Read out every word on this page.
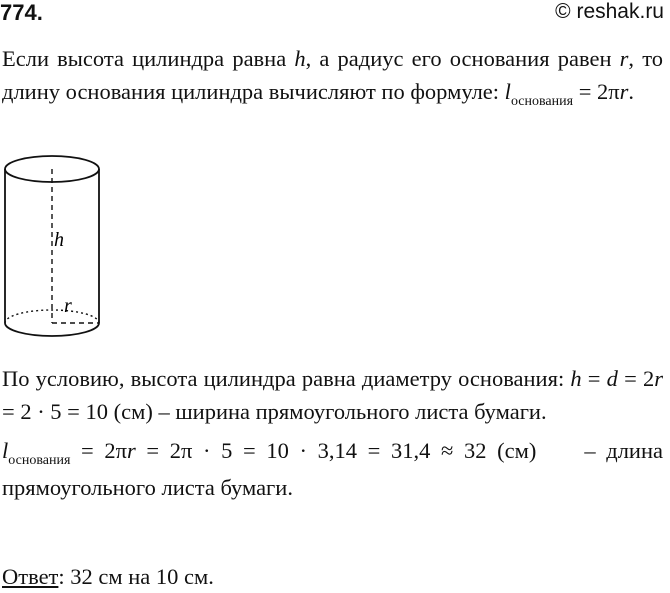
774.	© reshak.ru
Если высота цилиндра равна h, а радиус его основания равен r, то длину основания цилиндра вычисляют по формуле: $l_{основания} = 2\pi r$.
h
r
По условию, высота цилиндра равна диаметру основания: h = d = 2r = 2 · 5 = 10 (см) – ширина прямоугольного листа бумаги.
$l_{основания} = 2\pi r = 2\pi \cdot 5 = 10 \cdot 3,14 = 31,4 \approx 32$ (см) – длина прямоугольного листа бумаги.
Ответ: 32 см на 10 см.
